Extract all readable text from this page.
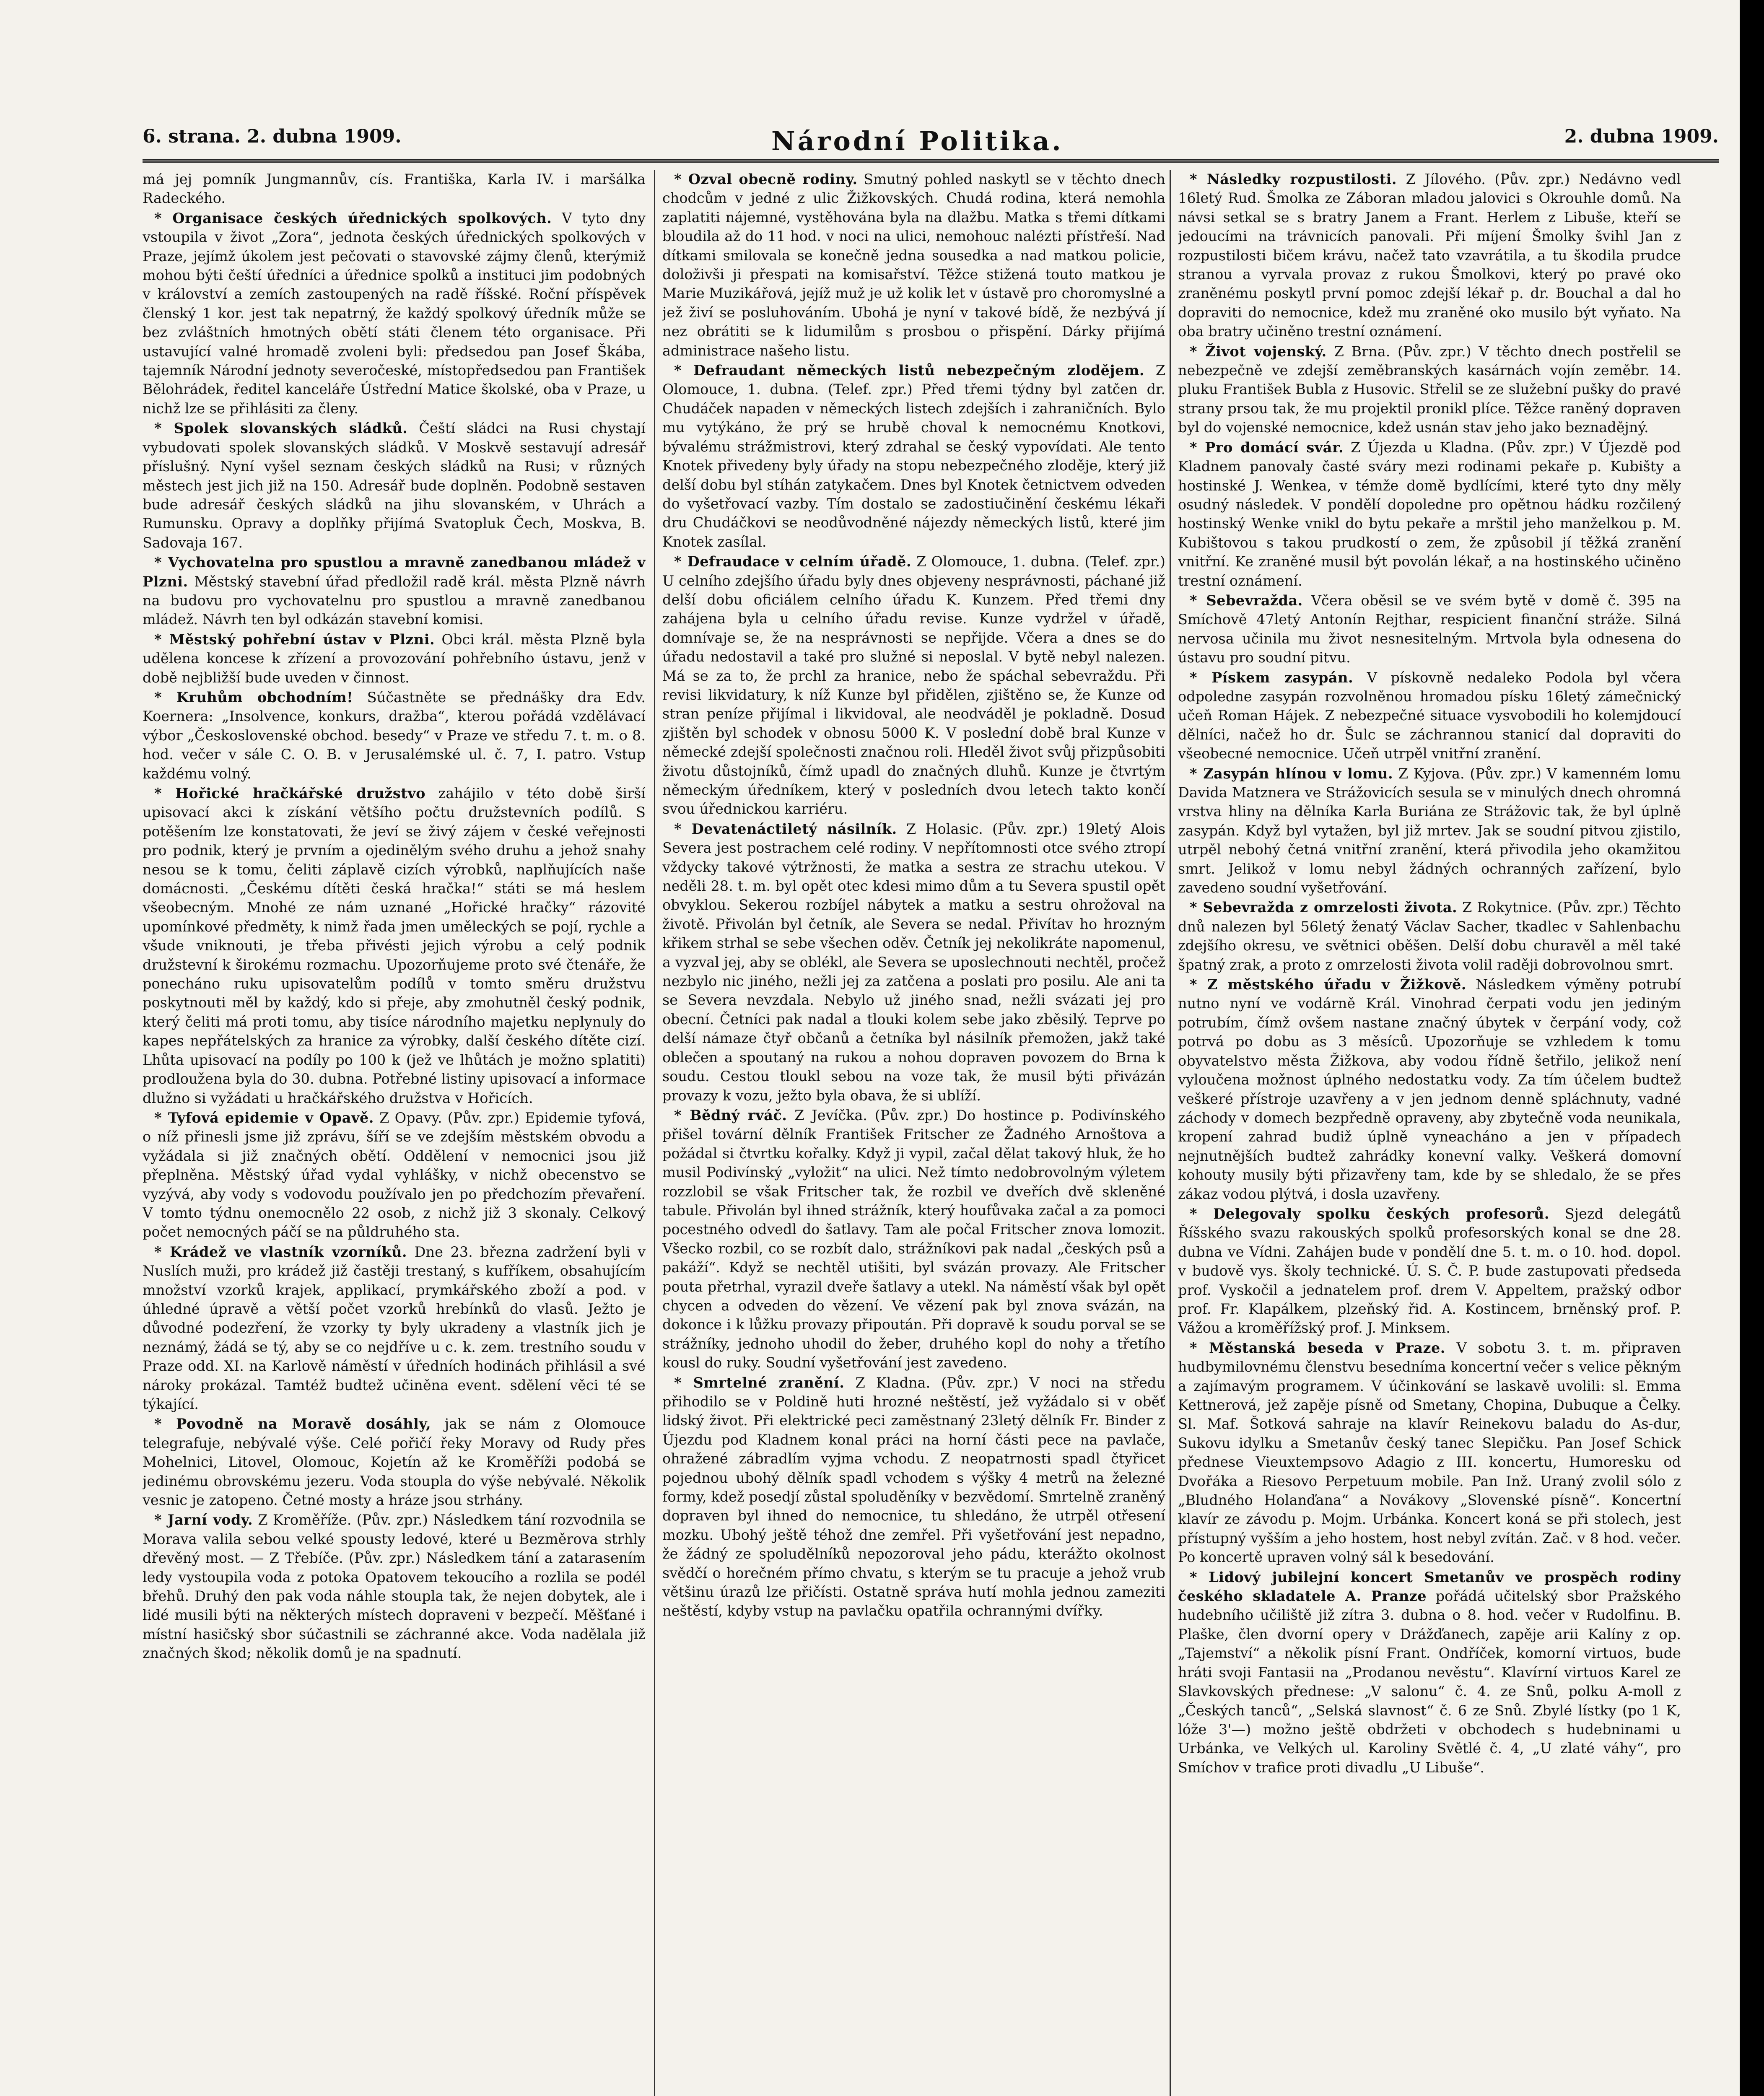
6. strana. 2. dubna 1909.	Národní Politika.	2. dubna 1909.

má jej pomník Jungmannův, cís. Františka, Karla IV. i maršálka Radeckého.

* Organisace českých úřednických spolkových. V tyto dny vstoupila v život „Zora“, jednota českých úřednických spolkových v Praze, jejímž úkolem jest pečovati o stavovské zájmy členů, kterýmiž mohou býti čeští úředníci a úřednice spolků a instituci jim podobných v království a zemích zastoupených na radě říšské. Roční příspěvek členský 1 kor. jest tak nepatrný, že každý spolkový úředník může se bez zvláštních hmotných obětí státi členem této organisace. Při ustavující valné hromadě zvoleni byli: předsedou pan Josef Škába, tajemník Národní jednoty severočeské, místopředsedou pan František Bělohrádek, ředitel kanceláře Ústřední Matice školské, oba v Praze, u nichž lze se přihlásiti za členy.

* Spolek slovanských sládků. Čeští sládci na Rusi chystají vybudovati spolek slovanských sládků. V Moskvě sestavují adresář příslušný. Nyní vyšel seznam českých sládků na Rusi; v různých městech jest jich již na 150. Adresář bude doplněn. Podobně sestaven bude adresář českých sládků na jihu slovanském, v Uhrách a Rumunsku. Opravy a doplňky přijímá Svatopluk Čech, Moskva, B. Sadovaja 167.

* Vychovatelna pro spustlou a mravně zanedbanou mládež v Plzni. Městský stavební úřad předložil radě král. města Plzně návrh na budovu pro vychovatelnu pro spustlou a mravně zanedbanou mládež. Návrh ten byl odkázán stavební komisi.

* Městský pohřební ústav v Plzni. Obci král. města Plzně byla udělena koncese k zřízení a provozování pohřebního ústavu, jenž v době nejbližší bude uveden v činnost.

* Kruhům obchodním! Súčastněte se přednášky dra Edv. Koernera: „Insolvence, konkurs, dražba“, kterou pořádá vzdělávací výbor „Československé obchod. besedy“ v Praze ve středu 7. t. m. o 8. hod. večer v sále C. O. B. v Jerusalémské ul. č. 7, I. patro. Vstup každému volný.

* Hořické hračkářské družstvo zahájilo v této době širší upisovací akci k získání většího počtu družstevních podílů. S potěšením lze konstatovati, že jeví se živý zájem v české veřejnosti pro podnik, který je prvním a ojedinělým svého druhu a jehož snahy nesou se k tomu, čeliti záplavě cizích výrobků, naplňujících naše domácnosti. „Českému dítěti česká hračka!“ státi se má heslem všeobecným. Mnohé ze nám uznané „Hořické hračky“ rázovité upomínkové předměty, k nimž řada jmen uměleckých se pojí, rychle a všude vniknouti, je třeba přivésti jejich výrobu a celý podnik družstevní k širokému rozmachu. Upozorňujeme proto své čtenáře, že ponecháno ruku upisovatelům podílů v tomto směru družstvu poskytnouti měl by každý, kdo si přeje, aby zmohutněl český podnik, který čeliti má proti tomu, aby tisíce národního majetku neplynuly do kapes nepřátelských za hranice za výrobky, další českého dítěte cizí. Lhůta upisovací na podíly po 100 k (jež ve lhůtách je možno splatiti) prodloužena byla do 30. dubna. Potřebné listiny upisovací a informace dlužno si vyžádati u hračkářského družstva v Hořicích.

* Tyfová epidemie v Opavě. Z Opavy. (Pův. zpr.) Epidemie tyfová, o níž přinesli jsme již zprávu, šíří se ve zdejším městském obvodu a vyžádala si již značných obětí. Oddělení v nemocnici jsou již přeplněna. Městský úřad vydal vyhlášky, v nichž obecenstvo se vyzývá, aby vody s vodovodu používalo jen po předchozím převaření. V tomto týdnu onemocnělo 22 osob, z nichž již 3 skonaly. Celkový počet nemocných páčí se na půldruhého sta.

* Krádež ve vlastník vzorníků. Dne 23. března zadržení byli v Nuslích muži, pro krádež již častěji trestaný, s kufříkem, obsahujícím množství vzorků krajek, applikací, prymkářského zboží a pod. v úhledné úpravě a větší počet vzorků hrebínků do vlasů. Ježto je důvodné podezření, že vzorky ty byly ukradeny a vlastník jich je neznámý, žádá se tý, aby se co nejdříve u c. k. zem. trestního soudu v Praze odd. XI. na Karlově náměstí v úředních hodinách přihlásil a své nároky prokázal. Tamtéž budtež učiněna event. sdělení věci té se týkající.

* Povodně na Moravě dosáhly, jak se nám z Olomouce telegrafuje, nebývalé výše. Celé pořičí řeky Moravy od Rudy přes Mohelnici, Litovel, Olomouc, Kojetín až ke Kroměříži podobá se jedinému obrovskému jezeru. Voda stoupla do výše nebývalé. Několik vesnic je zatopeno. Četné mosty a hráze jsou strhány.

* Jarní vody. Z Kroměříže. (Pův. zpr.) Následkem tání rozvodnila se Morava valila sebou velké spousty ledové, které u Bezměrova strhly dřevěný most. — Z Třebíče. (Pův. zpr.) Následkem tání a zatarasením ledy vystoupila voda z potoka Opatovem tekoucího a rozlila se podél břehů. Druhý den pak voda náhle stoupla tak, že nejen dobytek, ale i lidé musili býti na některých místech dopraveni v bezpečí. Měšťané i místní hasičský sbor súčastnili se záchranné akce. Voda nadělala již značných škod; několik domů je na spadnutí.

* Ozval obecně rodiny. Smutný pohled naskytl se v těchto dnech chodcům v jedné z ulic Žižkovských. Chudá rodina, která nemohla zaplatiti nájemné, vystěhována byla na dlažbu. Matka s třemi dítkami bloudila až do 11 hod. v noci na ulici, nemohouc nalézti přístřeší. Nad dítkami smilovala se konečně jedna sousedka a nad matkou policie, doloživši ji přespati na komisařství. Těžce stižená touto matkou je Marie Muzikářová, jejíž muž je už kolik let v ústavě pro choromyslné a jež živí se posluhováním. Ubohá je nyní v takové bídě, že nezbývá jí nez obrátiti se k lidumilům s prosbou o přispění. Dárky přijímá administrace našeho listu.

* Defraudant německých listů nebezpečným zlodějem. Z Olomouce, 1. dubna. (Telef. zpr.) Před třemi týdny byl zatčen dr. Chudáček napaden v německých listech zdejších i zahraničních. Bylo mu vytýkáno, že prý se hrubě choval k nemocnému Knotkovi, bývalému strážmistrovi, který zdrahal se český vypovídati. Ale tento Knotek přivedeny byly úřady na stopu nebezpečného zloděje, který již delší dobu byl stíhán zatykačem. Dnes byl Knotek četnictvem odveden do vyšetřovací vazby. Tím dostalo se zadostiučinění českému lékaři dru Chudáčkovi se neodůvodněné nájezdy německých listů, které jim Knotek zasílal.

* Defraudace v celním úřadě. Z Olomouce, 1. dubna. (Telef. zpr.) U celního zdejšího úřadu byly dnes objeveny nesprávnosti, páchané již delší dobu oficiálem celního úřadu K. Kunzem. Před třemi dny zahájena byla u celního úřadu revise. Kunze vydržel v úřadě, domnívaje se, že na nesprávnosti se nepřijde. Včera a dnes se do úřadu nedostavil a také pro služné si neposlal. V bytě nebyl nalezen. Má se za to, že prchl za hranice, nebo že spáchal sebevraždu. Při revisi likvidatury, k níž Kunze byl přidělen, zjištěno se, že Kunze od stran peníze přijímal i likvidoval, ale neodváděl je pokladně. Dosud zjištěn byl schodek v obnosu 5000 K. V poslední době bral Kunze v německé zdejší společnosti značnou roli. Hleděl život svůj přizpůsobiti životu důstojníků, čímž upadl do značných dluhů. Kunze je čtvrtým německým úředníkem, který v posledních dvou letech takto končí svou úřednickou karriéru.

* Devatenáctiletý násilník. Z Holasic. (Pův. zpr.) 19letý Alois Severa jest postrachem celé rodiny. V nepřítomnosti otce svého ztropí vždycky takové výtržnosti, že matka a sestra ze strachu utekou. V neděli 28. t. m. byl opět otec kdesi mimo dům a tu Severa spustil opět obvyklou. Sekerou rozbíjel nábytek a matku a sestru ohrožoval na životě. Přivolán byl četník, ale Severa se nedal. Přivítav ho hrozným křikem strhal se sebe všechen oděv. Četník jej nekolikráte napomenul, a vyzval jej, aby se oblékl, ale Severa se uposlechnouti nechtěl, pročež nezbylo nic jiného, nežli jej za zatčena a poslati pro posilu. Ale ani ta se Severa nevzdala. Nebylo už jiného snad, nežli svázati jej pro obecní. Četníci pak nadal a tlouki kolem sebe jako zběsilý. Teprve po delší námaze čtyř občanů a četníka byl násilník přemožen, jakž také oblečen a spoutaný na rukou a nohou dopraven povozem do Brna k soudu. Cestou tloukl sebou na voze tak, že musil býti přivázán provazy k vozu, ježto byla obava, že si ublíží.

* Bědný rváč. Z Jevíčka. (Pův. zpr.) Do hostince p. Podivínského přišel tovární dělník František Fritscher ze Žadného Arnoštova a požádal si čtvrtku kořalky. Když ji vypil, začal dělat takový hluk, že ho musil Podivínský „vyložit“ na ulici. Než tímto nedobrovolným výletem rozzlobil se však Fritscher tak, že rozbil ve dveřích dvě skleněné tabule. Přivolán byl ihned strážník, který houfůvaka začal a za pomoci pocestného odvedl do šatlavy. Tam ale počal Fritscher znova lomozit. Všecko rozbil, co se rozbít dalo, strážníkovi pak nadal „českých psů a pakáží“. Když se nechtěl utišiti, byl svázán provazy. Ale Fritscher pouta přetrhal, vyrazil dveře šatlavy a utekl. Na náměstí však byl opět chycen a odveden do vězení. Ve vězení pak byl znova svázán, na dokonce i k lůžku provazy připoután. Při dopravě k soudu porval se se strážníky, jednoho uhodil do žeber, druhého kopl do nohy a třetího kousl do ruky. Soudní vyšetřování jest zavedeno.

* Smrtelné zranění. Z Kladna. (Pův. zpr.) V noci na středu přihodilo se v Poldině huti hrozné neštěstí, jež vyžádalo si v oběť lidský život. Při elektrické peci zaměstnaný 23letý dělník Fr. Binder z Újezdu pod Kladnem konal práci na horní části pece na pavlače, ohražené zábradlím vyjma vchodu. Z neopatrnosti spadl čtyřicet pojednou ubohý dělník spadl vchodem s výšky 4 metrů na železné formy, kdež posedjí zůstal spoluděníky v bezvědomí. Smrtelně zraněný dopraven byl ihned do nemocnice, tu shledáno, že utrpěl otřesení mozku. Ubohý ještě téhož dne zemřel. Při vyšetřování jest nepadno, že žádný ze spoludělníků nepozoroval jeho pádu, kterážto okolnost svědčí o horečném přímo chvatu, s kterým se tu pracuje a jehož vrub většinu úrazů lze přičísti. Ostatně správa hutí mohla jednou zameziti neštěstí, kdyby vstup na pavlačku opatřila ochrannými dvířky.

* Následky rozpustilosti. Z Jílového. (Pův. zpr.) Nedávno vedl 16letý Rud. Šmolka ze Záboran mladou jalovici s Okrouhle domů. Na návsi setkal se s bratry Janem a Frant. Herlem z Libuše, kteří se jedoucími na trávnicích panovali. Při míjení Šmolky švihl Jan z rozpustilosti bičem krávu, načež tato vzavrátila, a tu škodila prudce stranou a vyrvala provaz z rukou Šmolkovi, který po pravé oko zraněnému poskytl první pomoc zdejší lékař p. dr. Bouchal a dal ho dopraviti do nemocnice, kdež mu zraněné oko musilo být vyňato. Na oba bratry učiněno trestní oznámení.

* Život vojenský. Z Brna. (Pův. zpr.) V těchto dnech postřelil se nebezpečně ve zdejší zeměbranských kasárnách vojín zeměbr. 14. pluku František Bubla z Husovic. Střelil se ze služební pušky do pravé strany prsou tak, že mu projektil pronikl plíce. Těžce raněný dopraven byl do vojenské nemocnice, kdež usnán stav jeho jako beznadějný.

* Pro domácí svár. Z Újezda u Kladna. (Pův. zpr.) V Újezdě pod Kladnem panovaly časté sváry mezi rodinami pekaře p. Kubišty a hostinské J. Wenkea, v témže domě bydlícími, které tyto dny měly osudný následek. V pondělí dopoledne pro opětnou hádku rozčilený hostinský Wenke vnikl do bytu pekaře a mrštil jeho manželkou p. M. Kubištovou s takou prudkostí o zem, že způsobil jí těžká zranění vnitřní. Ke zraněné musil být povolán lékař, a na hostinského učiněno trestní oznámení.

* Sebevražda. Včera oběsil se ve svém bytě v domě č. 395 na Smíchově 47letý Antonín Rejthar, respicient finanční stráže. Silná nervosa učinila mu život nesnesitelným. Mrtvola byla odnesena do ústavu pro soudní pitvu.

* Pískem zasypán. V pískovně nedaleko Podola byl včera odpoledne zasypán rozvolněnou hromadou písku 16letý zámečnický učeň Roman Hájek. Z nebezpečné situace vysvobodili ho kolemjdoucí dělníci, načež ho dr. Šulc se záchrannou stanicí dal dopraviti do všeobecné nemocnice. Učeň utrpěl vnitřní zranění.

* Zasypán hlínou v lomu. Z Kyjova. (Pův. zpr.) V kamenném lomu Davida Matznera ve Strážovicích sesula se v minulých dnech ohromná vrstva hliny na dělníka Karla Buriána ze Strážovic tak, že byl úplně zasypán. Když byl vytažen, byl již mrtev. Jak se soudní pitvou zjistilo, utrpěl nebohý četná vnitřní zranění, která přivodila jeho okamžitou smrt. Jelikož v lomu nebyl žádných ochranných zařízení, bylo zavedeno soudní vyšetřování.

* Sebevražda z omrzelosti života. Z Rokytnice. (Pův. zpr.) Těchto dnů nalezen byl 56letý ženatý Václav Sacher, tkadlec v Sahlenbachu zdejšího okresu, ve světnici oběšen. Delší dobu churavěl a měl také špatný zrak, a proto z omrzelosti života volil raději dobrovolnou smrt.

* Z městského úřadu v Žižkově. Následkem výměny potrubí nutno nyní ve vodárně Král. Vinohrad čerpati vodu jen jediným potrubím, čímž ovšem nastane značný úbytek v čerpání vody, což potrvá po dobu as 3 měsíců. Upozorňuje se vzhledem k tomu obyvatelstvo města Žižkova, aby vodou řídně šetřilo, jelikož není vyloučena možnost úplného nedostatku vody. Za tím účelem budtež veškeré přístroje uzavřeny a v jen jednom denně spláchnuty, vadné záchody v domech bezpředně opraveny, aby zbytečně voda neunikala, kropení zahrad budiž úplně vyneacháno a jen v případech nejnutnějších budtež zahrádky konevní valky. Veškerá domovní kohouty musily býti přizavřeny tam, kde by se shledalo, že se přes zákaz vodou plýtvá, i dosla uzavřeny.

* Delegovaly spolku českých profesorů. Sjezd delegátů Říšského svazu rakouských spolků profesorských konal se dne 28. dubna ve Vídni. Zahájen bude v pondělí dne 5. t. m. o 10. hod. dopol. v budově vys. školy technické. Ú. S. Č. P. bude zastupovati předseda prof. Vyskočil a jednatelem prof. drem V. Appeltem, pražský odbor prof. Fr. Klapálkem, plzeňský řid. A. Kostincem, brněnský prof. P. Vážou a kroměřížský prof. J. Minksem.

* Městanská beseda v Praze. V sobotu 3. t. m. připraven hudbymilovnému členstvu besedníma koncertní večer s velice pěkným a zajímavým programem. V účinkování se laskavě uvolili: sl. Emma Kettnerová, jež zapěje písně od Smetany, Chopina, Dubuque a Čelky. Sl. Maf. Šotková sahraje na klavír Reinekovu baladu do As-dur, Sukovu idylku a Smetanův český tanec Slepičku. Pan Josef Schick přednese Vieuxtempsovo Adagio z III. koncertu, Humoresku od Dvořáka a Riesovo Perpetuum mobile. Pan Inž. Uraný zvolil sólo z „Bludného Holanďana“ a Novákovy „Slovenské písně“. Koncertní klavír ze závodu p. Mojm. Urbánka. Koncert koná se při stolech, jest přístupný vyšším a jeho hostem, host nebyl zvítán. Zač. v 8 hod. večer. Po koncertě upraven volný sál k besedování.

* Lidový jubilejní koncert Smetanův ve prospěch rodiny českého skladatele A. Pranze pořádá učitelský sbor Pražského hudebního učiliště již zítra 3. dubna o 8. hod. večer v Rudolfinu. B. Plaške, člen dvorní opery v Drážďanech, zapěje arii Kalíny z op. „Tajemství“ a několik písní Frant. Ondříček, komorní virtuos, bude hráti svoji Fantasii na „Prodanou nevěstu“. Klavírní virtuos Karel ze Slavkovských přednese: „V salonu“ č. 4. ze Snů, polku A-moll z „Českých tanců“, „Selská slavnost“ č. 6 ze Snů. Zbylé lístky (po 1 K, lóže 3'—) možno ještě obdržeti v obchodech s hudebninami u Urbánka, ve Velkých ul. Karoliny Světlé č. 4, „U zlaté váhy“, pro Smíchov v trafice proti divadlu „U Libuše“.
